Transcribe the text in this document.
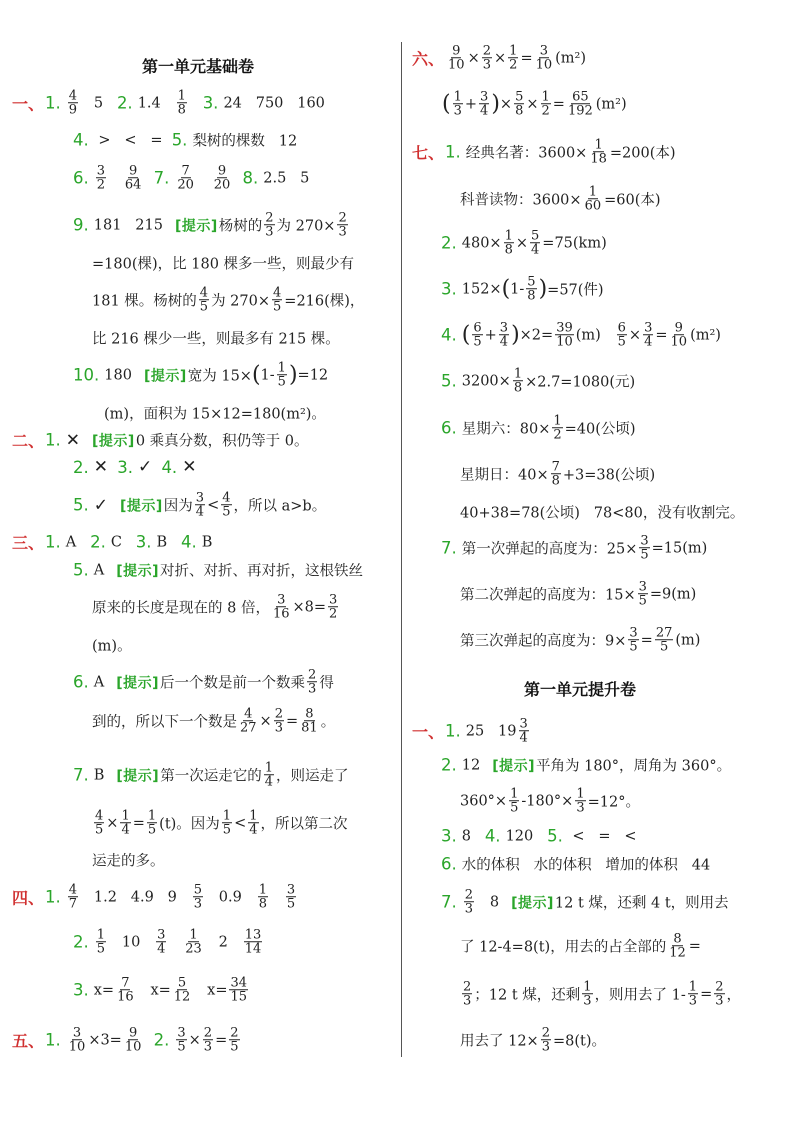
第一单元基础卷
一、 1. $\frac{4}{9} 5$ 2. $1.4 \frac{1}{8}$
3. 24   750   160
4. >   <   = 5. 梨树的棵数   12
6. $\frac{3}{2}$
$\frac{9}{64}$
7. $\frac{7}{20}$
$\frac{9}{20}$
8. 2.5   5
9. 181   215 [提示] 杨树的 $\frac{2}{3}$ 为 $270\times \frac{2}{3}$
=180(棵)，比 180 棵多一些，则最少有
181 棵。杨树的 $\frac{4}{5}$ 为 $270\times \frac{4}{5} =216$(棵)，
比 216 棵少一些，则最多有 215 棵。
10. 180 [提示] 宽为 15× ( $1- \frac{1}{5}$ ) =12
(m)，面积为 15×12=180(m²)。
二、 1. ✕ [提示] 0 乘真分数，积仍等于 0。
2. ✕
3. ✓
4. ✕
5. ✓ [提示] 因为 $\frac{3}{4} < \frac{4}{5}$ ，所以 a>b。
三、 1. A 2. C 3. B 4. B
5. A [提示] 对折、对折、再对折，这根铁丝
原来的长度是现在的 8 倍， $\frac{3}{16} \times 8= \frac{3}{2}$
(m)。
6. A [提示] 后一个数是前一个数乘 $\frac{2}{3}$ 得
到的，所以下一个数是 $\frac{4}{27} \times \frac{2}{3} = \frac{8}{81}$ 。
7. B [提示] 第一次运走它的 $\frac{1}{4}$ ，则运走了
$\frac{4}{5} \times \frac{1}{4} = \frac{1}{5} (t)$。因为 $\frac{1}{5} < \frac{1}{4}$ ，所以第二次
运走的多。
四、 1. $\frac{4}{7} 1.2$   4.9   $9 \frac{5}{3} 0.9 \frac{1}{8}$
$\frac{3}{5}$
2. $\frac{1}{5} 10 \frac{3}{4}$
$\frac{1}{23} 2 \frac{13}{14}$
3. $x= \frac{7}{16} x= \frac{5}{12} x= \frac{34}{15}$
五、 1. $\frac{3}{10} \times 3= \frac{9}{10}$
2. $\frac{3}{5} \times \frac{2}{3} = \frac{2}{5}$
第一单元提升卷
六、 $\frac{9}{10} \times \frac{2}{3} \times \frac{1}{2} = \frac{3}{10} (m^2)$
( $\frac{1}{3} + \frac{3}{4}$ ) × $\frac{5}{8} \times \frac{1}{2} = \frac{65}{192} (m^2)$
七、 1. 经典名著：$3600\times \frac{1}{18} =200$(本)
科普读物：$3600\times \frac{1}{60} =60$(本)
2. $480\times \frac{1}{8} \times \frac{5}{4} =75(km)$
3. 152× ( $1- \frac{5}{8}$ ) =57(件)
4. ( $\frac{6}{5} + \frac{3}{4}$ ) $\times 2= \frac{39}{10} (m) \frac{6}{5} \times \frac{3}{4} = \frac{9}{10} (m^2)$
5. $3200\times \frac{1}{8} \times 2.7=1080$(元)
6. 星期六：$80\times \frac{1}{2} =40$(公顷)
星期日：$40\times \frac{7}{8} +3=38$(公顷)
40+38=78(公顷)   78<80，没有收割完。
7. 第一次弹起的高度为：$25\times \frac{3}{5} =15(m)$
第二次弹起的高度为：$15\times \frac{3}{5} =9(m)$
第三次弹起的高度为：$9\times \frac{3}{5} = \frac{27}{5} (m)$
一、 1. 25   $19 \frac{3}{4}$
2. 12 [提示] 平角为 180°，周角为 360°。
$360^\circ\times \frac{1}{5} -180^\circ\times \frac{1}{3} =12^\circ$。
3. 8 4. 120 5. <   =   <
6. 水的体积   水的体积   增加的体积   44
7. $\frac{2}{3} 8$ [提示] 12 t 煤，还剩 4 t，则用去
了 12-4=8(t)，用去的占全部的 $\frac{8}{12}$ =
$\frac{2}{3}$ ；12 t 煤，还剩 $\frac{1}{3}$ ，则用去了 $1- \frac{1}{3} = \frac{2}{3}$ ，
用去了 $12\times \frac{2}{3} =8(t)$。
